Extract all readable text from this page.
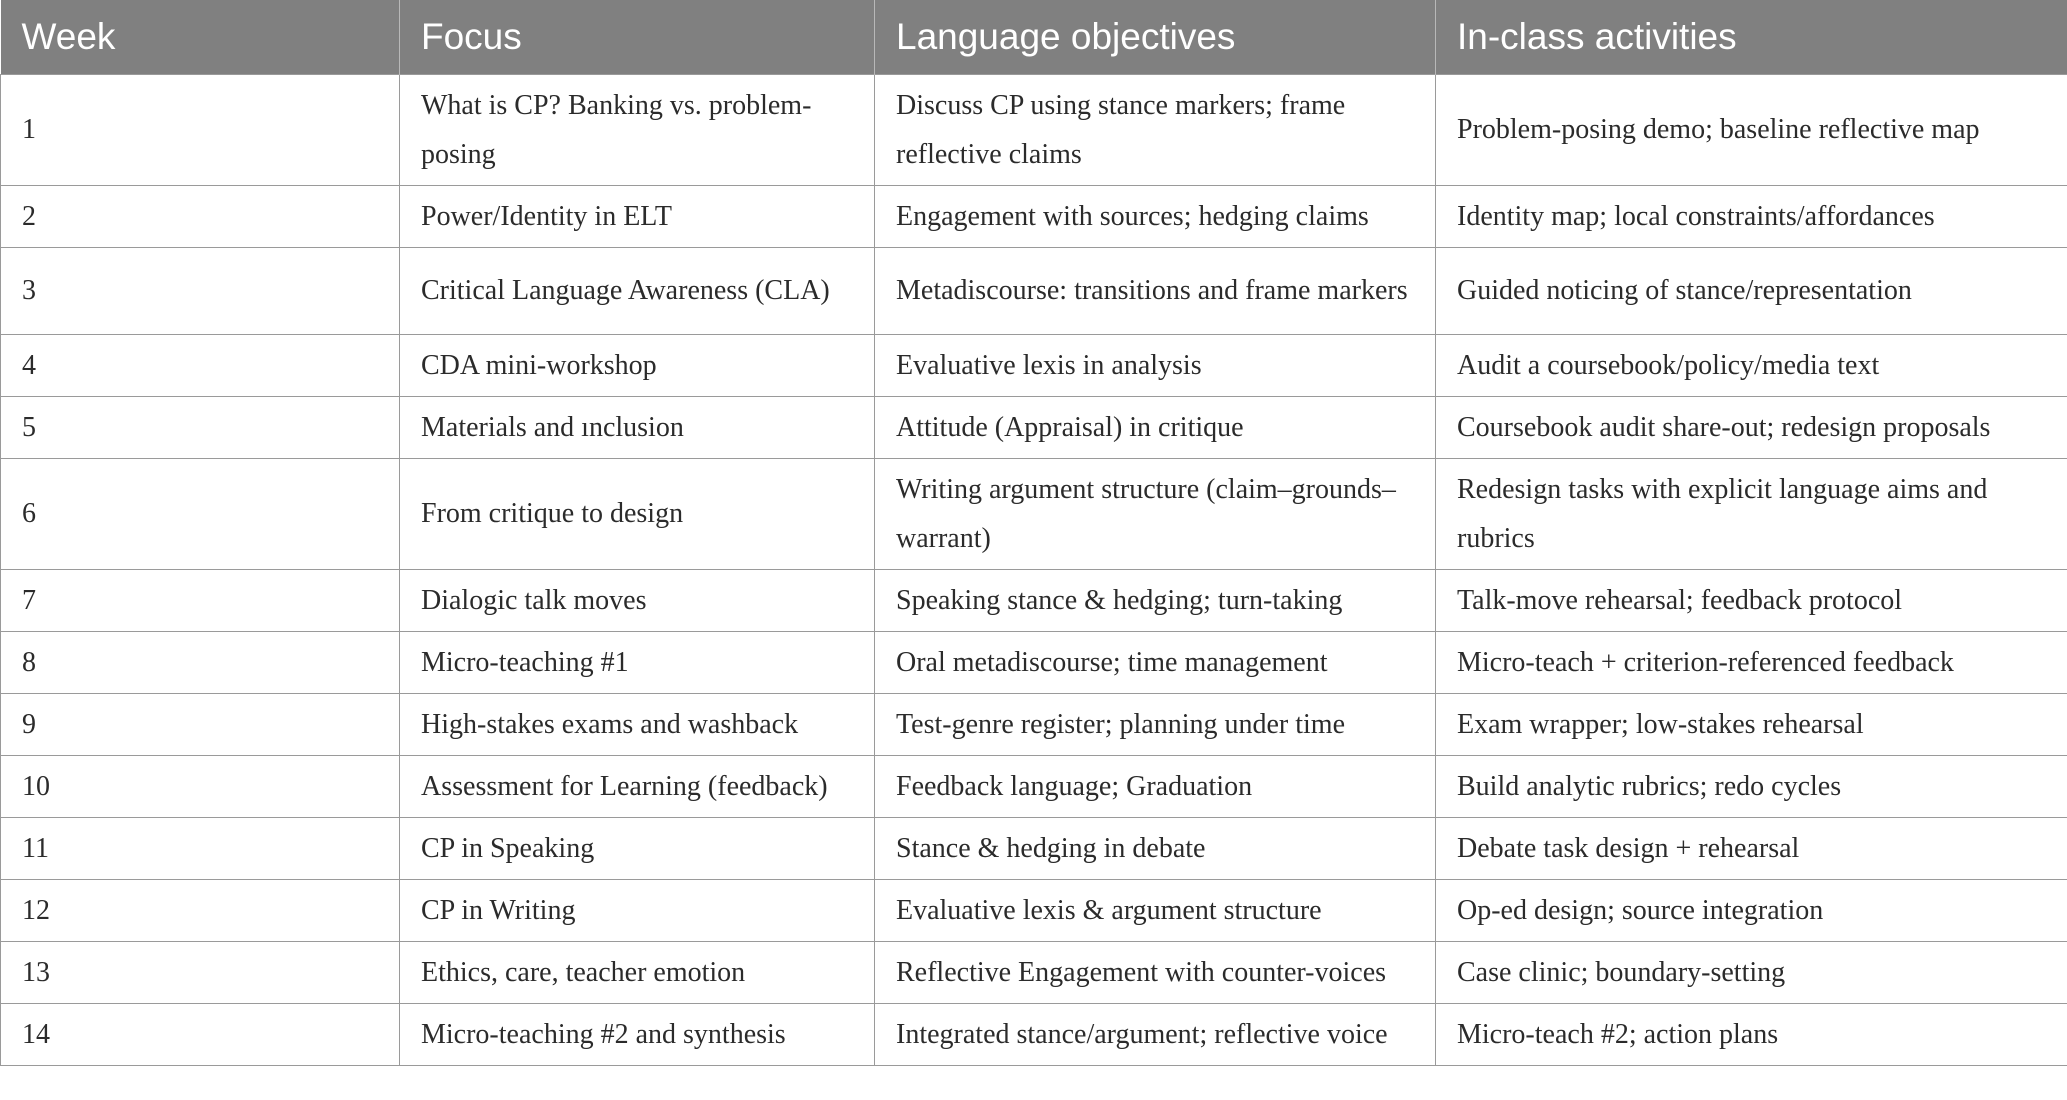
Week	Focus	Language objectives	In-class activities
1	What is CP? Banking vs. problem-posing	Discuss CP using stance markers; frame reflective claims	Problem-posing demo; baseline reflective map
2	Power/Identity in ELT	Engagement with sources; hedging claims	Identity map; local constraints/affordances
3	Critical Language Awareness (CLA)	Metadiscourse: transitions and frame markers	Guided noticing of stance/representation
4	CDA mini-workshop	Evaluative lexis in analysis	Audit a coursebook/policy/media text
5	Materials and ınclusion	Attitude (Appraisal) in critique	Coursebook audit share-out; redesign proposals
6	From critique to design	Writing argument structure (claim–grounds–warrant)	Redesign tasks with explicit language aims and rubrics
7	Dialogic talk moves	Speaking stance & hedging; turn-taking	Talk-move rehearsal; feedback protocol
8	Micro-teaching #1	Oral metadiscourse; time management	Micro-teach + criterion-referenced feedback
9	High-stakes exams and washback	Test-genre register; planning under time	Exam wrapper; low-stakes rehearsal
10	Assessment for Learning (feedback)	Feedback language; Graduation	Build analytic rubrics; redo cycles
11	CP in Speaking	Stance & hedging in debate	Debate task design + rehearsal
12	CP in Writing	Evaluative lexis & argument structure	Op-ed design; source integration
13	Ethics, care, teacher emotion	Reflective Engagement with counter-voices	Case clinic; boundary-setting
14	Micro-teaching #2 and synthesis	Integrated stance/argument; reflective voice	Micro-teach #2; action plans
